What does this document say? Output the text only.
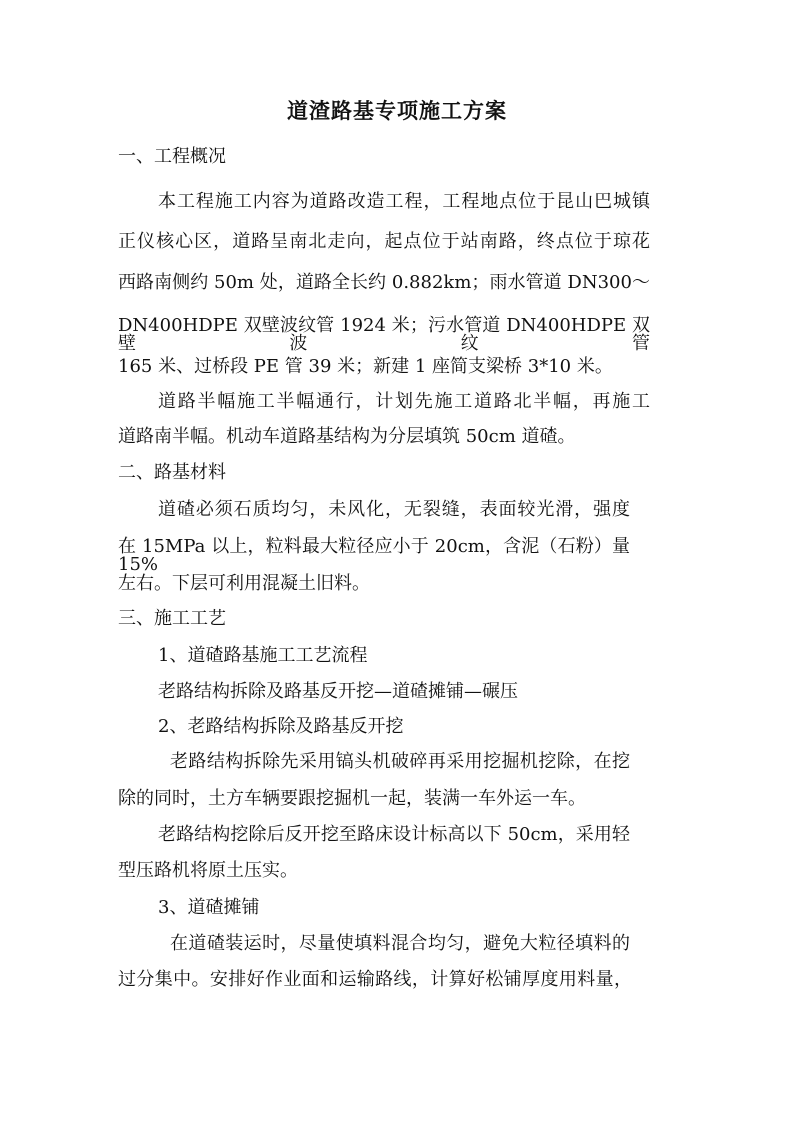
道渣路基专项施工方案
一、工程概况
本工程施工内容为道路改造工程，工程地点位于昆山巴城镇
正仪核心区，道路呈南北走向，起点位于站南路，终点位于琼花
西路南侧约 50m 处，道路全长约 0.882km；雨水管道 DN300～
DN400HDPE 双壁波纹管 1924 米；污水管道 DN400HDPE 双壁波纹管
165 米、过桥段 PE 管 39 米；新建 1 座简支梁桥 3*10 米。
道路半幅施工半幅通行，计划先施工道路北半幅，再施工
道路南半幅。机动车道路基结构为分层填筑 50cm 道碴。
二、路基材料
道碴必须石质均匀，未风化，无裂缝，表面较光滑，强度
在 15MPa 以上，粒料最大粒径应小于 20cm，含泥（石粉）量 15%
左右。下层可利用混凝土旧料。
三、施工工艺
1、道碴路基施工工艺流程
老路结构拆除及路基反开挖—道碴摊铺—碾压
2、老路结构拆除及路基反开挖
老路结构拆除先采用镐头机破碎再采用挖掘机挖除，在挖
除的同时，土方车辆要跟挖掘机一起，装满一车外运一车。
老路结构挖除后反开挖至路床设计标高以下 50cm，采用轻
型压路机将原土压实。
3、道碴摊铺
在道碴装运时，尽量使填料混合均匀，避免大粒径填料的
过分集中。安排好作业面和运输路线，计算好松铺厚度用料量，
